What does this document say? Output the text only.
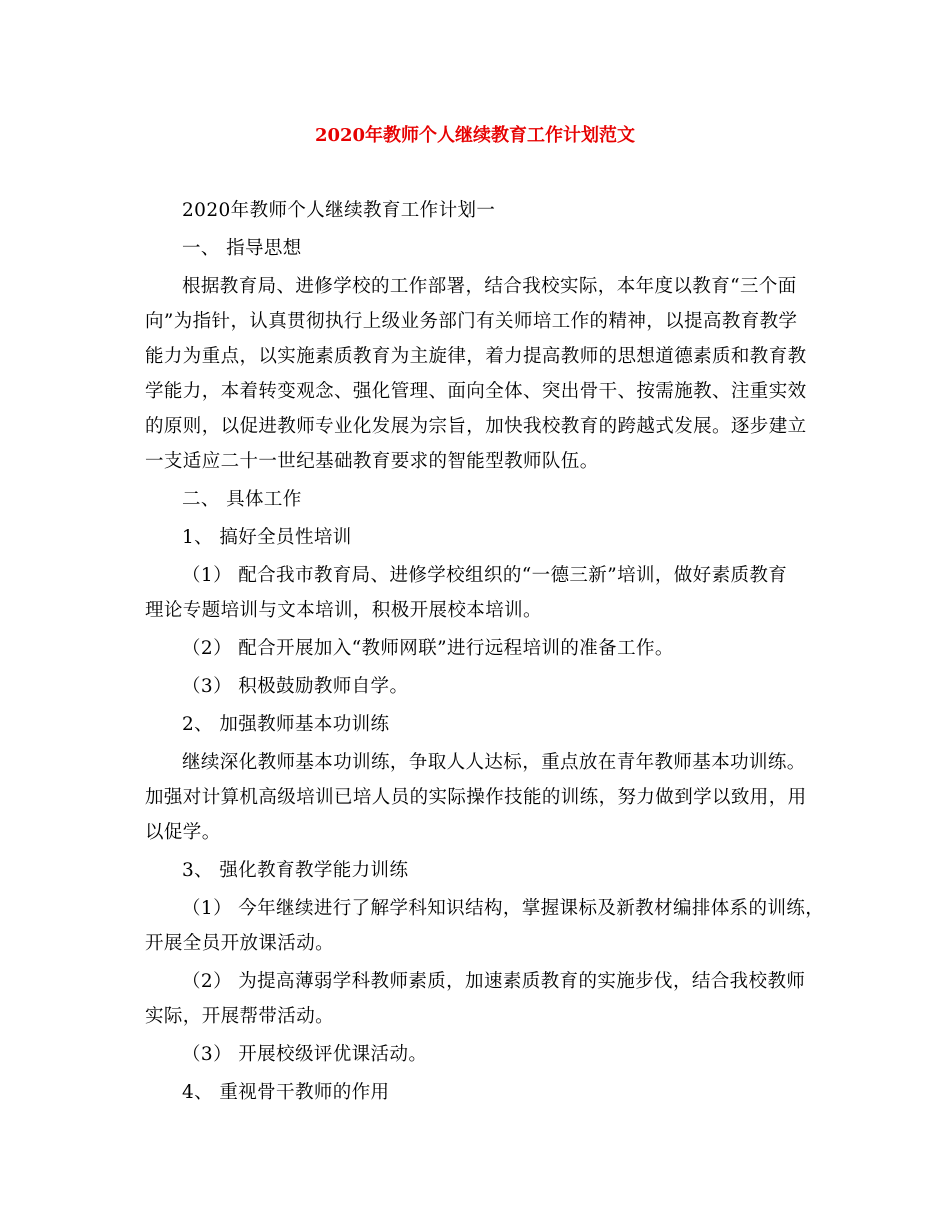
2020年教师个人继续教育工作计划范文
2020年教师个人继续教育工作计划一
一、 指导思想
根据教育局、进修学校的工作部署，结合我校实际，本年度以教育“三个面
向”为指针，认真贯彻执行上级业务部门有关师培工作的精神，以提高教育教学
能力为重点，以实施素质教育为主旋律，着力提高教师的思想道德素质和教育教
学能力，本着转变观念、强化管理、面向全体、突出骨干、按需施教、注重实效
的原则，以促进教师专业化发展为宗旨，加快我校教育的跨越式发展。逐步建立
一支适应二十一世纪基础教育要求的智能型教师队伍。
二、 具体工作
1、 搞好全员性培训
（1） 配合我市教育局、进修学校组织的“一德三新”培训，做好素质教育
理论专题培训与文本培训，积极开展校本培训。
（2） 配合开展加入“教师网联”进行远程培训的准备工作。
（3） 积极鼓励教师自学。
2、 加强教师基本功训练
继续深化教师基本功训练，争取人人达标，重点放在青年教师基本功训练。
加强对计算机高级培训已培人员的实际操作技能的训练，努力做到学以致用，用
以促学。
3、 强化教育教学能力训练
（1） 今年继续进行了解学科知识结构，掌握课标及新教材编排体系的训练，
开展全员开放课活动。
（2） 为提高薄弱学科教师素质，加速素质教育的实施步伐，结合我校教师
实际，开展帮带活动。
（3） 开展校级评优课活动。
4、 重视骨干教师的作用
